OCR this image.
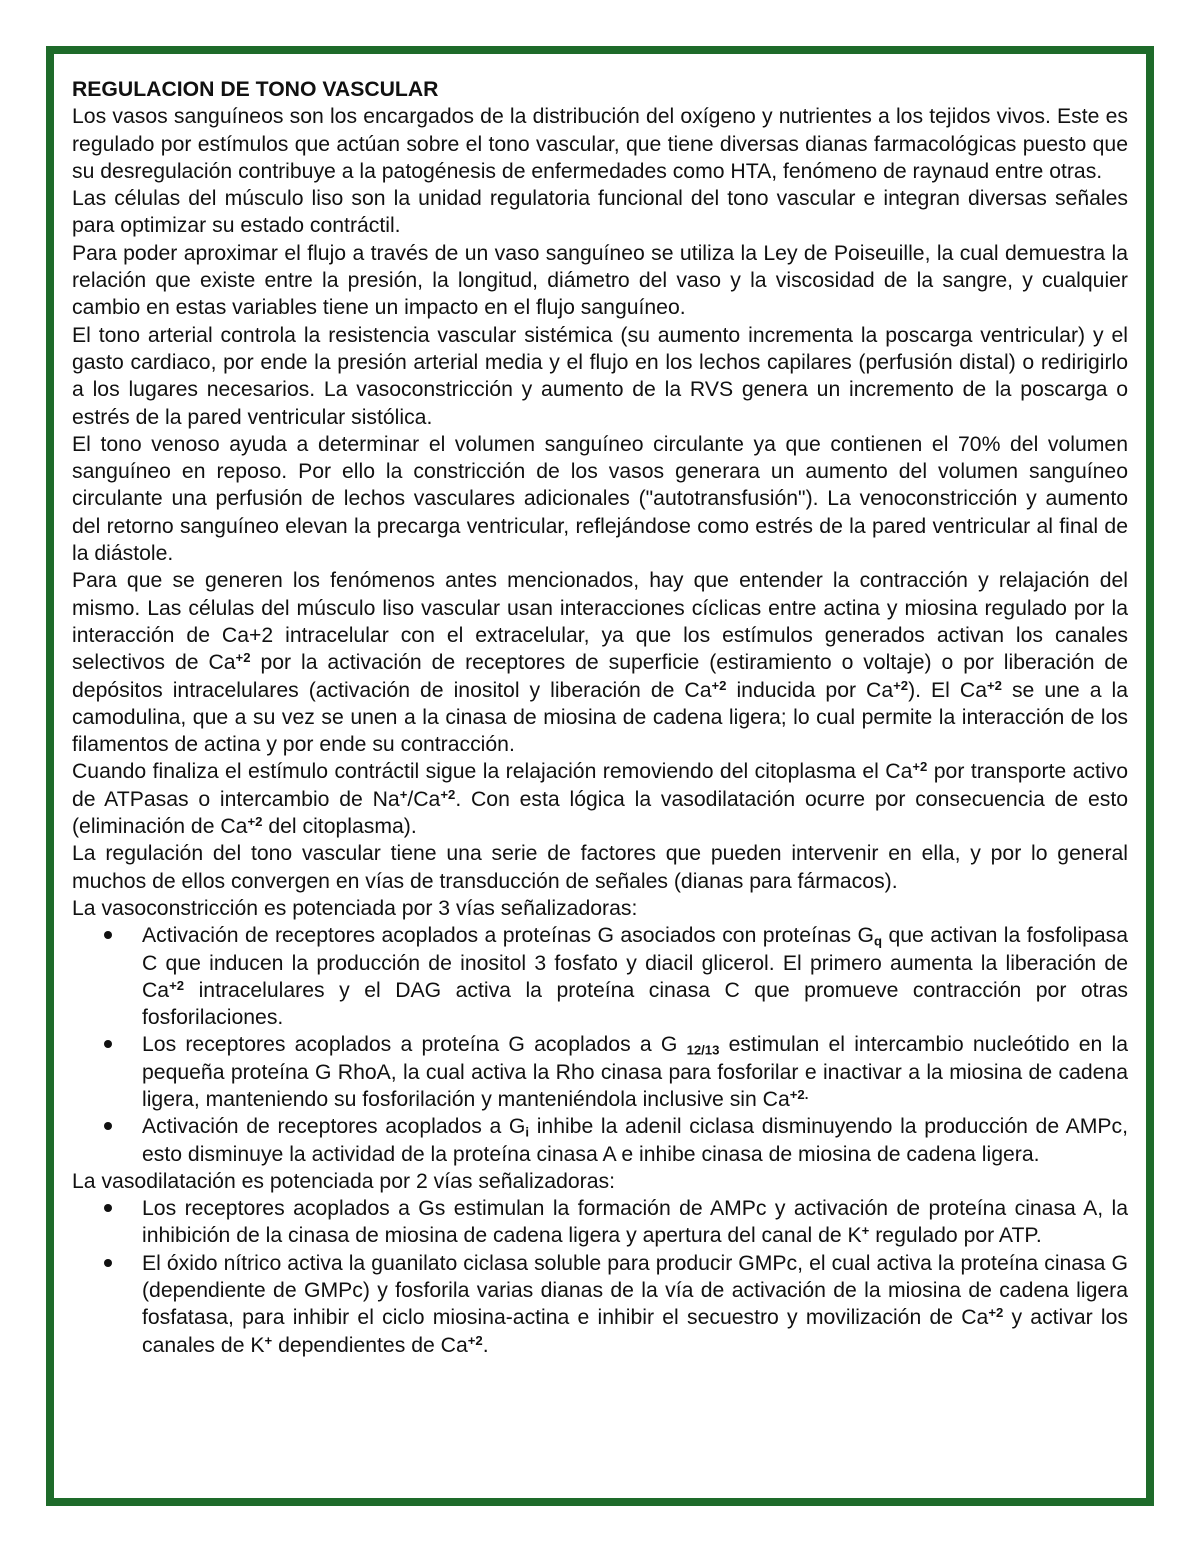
REGULACION DE TONO VASCULAR

Los vasos sanguíneos son los encargados de la distribución del oxígeno y nutrientes a los tejidos vivos. Este es regulado por estímulos que actúan sobre el tono vascular, que tiene diversas dianas farmacológicas puesto que su desregulación contribuye a la patogénesis de enfermedades como HTA, fenómeno de raynaud entre otras.

Las células del músculo liso son la unidad regulatoria funcional del tono vascular e integran diversas señales para optimizar su estado contráctil.

Para poder aproximar el flujo a través de un vaso sanguíneo se utiliza la Ley de Poiseuille, la cual demuestra la relación que existe entre la presión, la longitud, diámetro del vaso y la viscosidad de la sangre, y cualquier cambio en estas variables tiene un impacto en el flujo sanguíneo.

El tono arterial controla la resistencia vascular sistémica (su aumento incrementa la poscarga ventricular) y el gasto cardiaco, por ende la presión arterial media y el flujo en los lechos capilares (perfusión distal) o redirigirlo a los lugares necesarios. La vasoconstricción y aumento de la RVS genera un incremento de la poscarga o estrés de la pared ventricular sistólica.

El tono venoso ayuda a determinar el volumen sanguíneo circulante ya que contienen el 70% del volumen sanguíneo en reposo. Por ello la constricción de los vasos generara un aumento del volumen sanguíneo circulante una perfusión de lechos vasculares adicionales ("autotransfusión"). La venoconstricción y aumento del retorno sanguíneo elevan la precarga ventricular, reflejándose como estrés de la pared ventricular al final de la diástole.

Para que se generen los fenómenos antes mencionados, hay que entender la contracción y relajación del mismo. Las células del músculo liso vascular usan interacciones cíclicas entre actina y miosina regulado por la interacción de Ca+2 intracelular con el extracelular, ya que los estímulos generados activan los canales selectivos de $Ca^{+2}$ por la activación de receptores de superficie (estiramiento o voltaje) o por liberación de depósitos intracelulares (activación de inositol y liberación de $Ca^{+2}$ inducida por $Ca^{+2}$). El $Ca^{+2}$ se une a la camodulina, que a su vez se unen a la cinasa de miosina de cadena ligera; lo cual permite la interacción de los filamentos de actina y por ende su contracción.

Cuando finaliza el estímulo contráctil sigue la relajación removiendo del citoplasma el $Ca^{+2}$ por transporte activo de ATPasas o intercambio de $Na^+/Ca^{+2}$. Con esta lógica la vasodilatación ocurre por consecuencia de esto (eliminación de $Ca^{+2}$ del citoplasma).

La regulación del tono vascular tiene una serie de factores que pueden intervenir en ella, y por lo general muchos de ellos convergen en vías de transducción de señales (dianas para fármacos).

La vasoconstricción es potenciada por 3 vías señalizadoras:

Activación de receptores acoplados a proteínas G asociados con proteínas $G_q$ que activan la fosfolipasa C que inducen la producción de inositol 3 fosfato y diacil glicerol. El primero aumenta la liberación de $Ca^{+2}$ intracelulares y el DAG activa la proteína cinasa C que promueve contracción por otras fosforilaciones.
Los receptores acoplados a proteína G acoplados a G $_{12/13}$ estimulan el intercambio nucleótido en la pequeña proteína G RhoA, la cual activa la Rho cinasa para fosforilar e inactivar a la miosina de cadena ligera, manteniendo su fosforilación y manteniéndola inclusive $\sin Ca^{+2.}$
Activación de receptores acoplados a $G_i$ inhibe la adenil ciclasa disminuyendo la producción de AMPc, esto disminuye la actividad de la proteína cinasa A e inhibe cinasa de miosina de cadena ligera.

La vasodilatación es potenciada por 2 vías señalizadoras:

Los receptores acoplados a Gs estimulan la formación de AMPc y activación de proteína cinasa A, la inhibición de la cinasa de miosina de cadena ligera y apertura del canal de K+ regulado por ATP.
El óxido nítrico activa la guanilato ciclasa soluble para producir GMPc, el cual activa la proteína cinasa G (dependiente de GMPc) y fosforila varias dianas de la vía de activación de la miosina de cadena ligera fosfatasa, para inhibir el ciclo miosina-actina e inhibir el secuestro y movilización de $Ca^{+2}$ y activar los canales de K+ dependientes de $Ca^{+2}$.
